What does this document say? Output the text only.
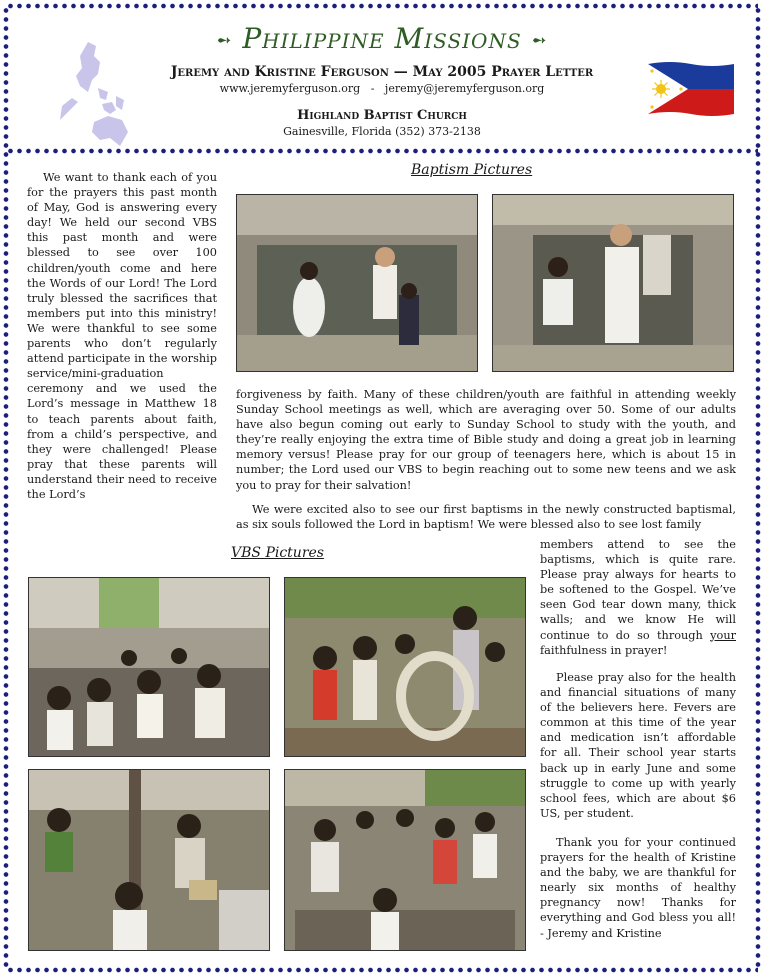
➻ Philippine Missions ➻
Jeremy and Kristine Ferguson — May 2005 Prayer Letter
www.jeremyferguson.org - jeremy@jeremyferguson.org
Highland Baptist Church
Gainesville, Florida (352) 373-2138

We want to thank each of you for the prayers this past month of May, God is answering every day! We held our second VBS this past month and were blessed to see over 100 children/youth come and here the Words of our Lord! The Lord truly blessed the sacrifices that members put into this ministry! We were thankful to see some parents who don’t regularly attend participate in the worship service/mini-graduation ceremony and we used the Lord’s message in Matthew 18 to teach parents about faith, from a child’s perspective, and they were challenged! Please pray that these parents will understand their need to receive the Lord’s

Baptism Pictures

forgiveness by faith. Many of these children/youth are faithful in attending weekly Sunday School meetings as well, which are averaging over 50. Some of our adults have also begun coming out early to Sunday School to study with the youth, and they’re really enjoying the extra time of Bible study and doing a great job in learning memory versus! Please pray for our group of teenagers here, which is about 15 in number; the Lord used our VBS to begin reaching out to some new teens and we ask you to pray for their salvation!

We were excited also to see our first baptisms in the newly constructed baptismal, as six souls followed the Lord in baptism! We were blessed also to see lost family

VBS Pictures

members attend to see the baptisms, which is quite rare. Please pray always for hearts to be softened to the Gospel. We’ve seen God tear down many, thick walls; and we know He will continue to do so through your faithfulness in prayer!

Please pray also for the health and financial situations of many of the believers here. Fevers are common at this time of the year and medication isn’t affordable for all. Their school year starts back up in early June and some struggle to come up with yearly school fees, which are about $6 US, per student.

Thank you for your continued prayers for the health of Kristine and the baby, we are thankful for nearly six months of healthy pregnancy now! Thanks for everything and God bless you all! - Jeremy and Kristine
